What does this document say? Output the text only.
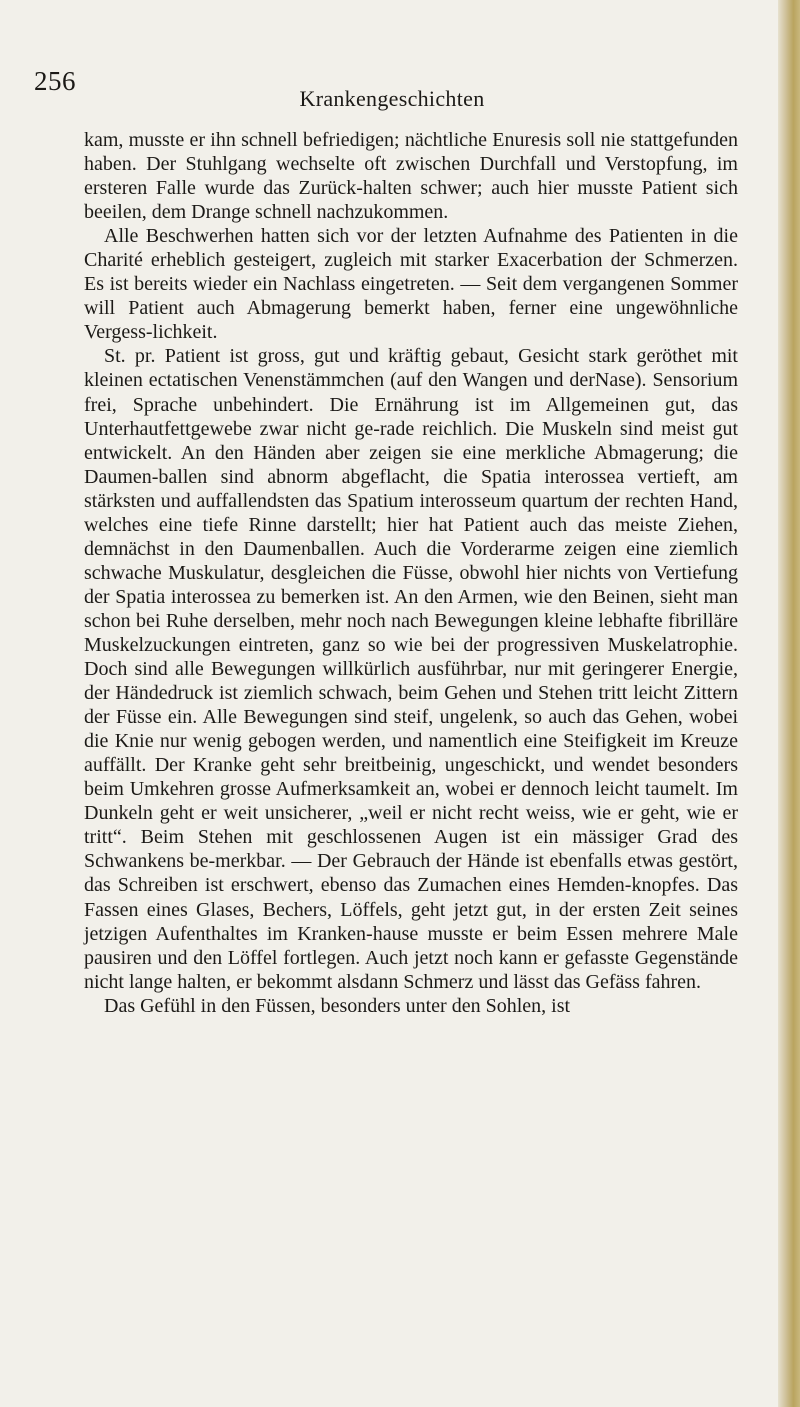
256
Krankengeschichten

kam, musste er ihn schnell befriedigen; nächtliche Enuresis soll nie stattgefunden haben. Der Stuhlgang wechselte oft zwischen Durchfall und Verstopfung, im ersteren Falle wurde das Zurück-halten schwer; auch hier musste Patient sich beeilen, dem Drange schnell nachzukommen.

Alle Beschwerhen hatten sich vor der letzten Aufnahme des Patienten in die Charité erheblich gesteigert, zugleich mit starker Exacerbation der Schmerzen. Es ist bereits wieder ein Nachlass eingetreten. — Seit dem vergangenen Sommer will Patient auch Abmagerung bemerkt haben, ferner eine ungewöhnliche Vergess-lichkeit.

St. pr. Patient ist gross, gut und kräftig gebaut, Gesicht stark geröthet mit kleinen ectatischen Venenstämmchen (auf den Wangen und derNase). Sensorium frei, Sprache unbehindert. Die Ernährung ist im Allgemeinen gut, das Unterhautfettgewebe zwar nicht ge-rade reichlich. Die Muskeln sind meist gut entwickelt. An den Händen aber zeigen sie eine merkliche Abmagerung; die Daumen-ballen sind abnorm abgeflacht, die Spatia interossea vertieft, am stärksten und auffallendsten das Spatium interosseum quartum der rechten Hand, welches eine tiefe Rinne darstellt; hier hat Patient auch das meiste Ziehen, demnächst in den Daumenballen. Auch die Vorderarme zeigen eine ziemlich schwache Muskulatur, desgleichen die Füsse, obwohl hier nichts von Vertiefung der Spatia interossea zu bemerken ist. An den Armen, wie den Beinen, sieht man schon bei Ruhe derselben, mehr noch nach Bewegungen kleine lebhafte fibrilläre Muskelzuckungen eintreten, ganz so wie bei der progressiven Muskelatrophie. Doch sind alle Bewegungen willkürlich ausführbar, nur mit geringerer Energie, der Händedruck ist ziemlich schwach, beim Gehen und Stehen tritt leicht Zittern der Füsse ein. Alle Bewegungen sind steif, ungelenk, so auch das Gehen, wobei die Knie nur wenig gebogen werden, und namentlich eine Steifigkeit im Kreuze auffällt. Der Kranke geht sehr breitbeinig, ungeschickt, und wendet besonders beim Umkehren grosse Aufmerksamkeit an, wobei er dennoch leicht taumelt. Im Dunkeln geht er weit unsicherer, „weil er nicht recht weiss, wie er geht, wie er tritt“. Beim Stehen mit geschlossenen Augen ist ein mässiger Grad des Schwankens be-merkbar. — Der Gebrauch der Hände ist ebenfalls etwas gestört, das Schreiben ist erschwert, ebenso das Zumachen eines Hemden-knopfes. Das Fassen eines Glases, Bechers, Löffels, geht jetzt gut, in der ersten Zeit seines jetzigen Aufenthaltes im Kranken-hause musste er beim Essen mehrere Male pausiren und den Löffel fortlegen. Auch jetzt noch kann er gefasste Gegenstände nicht lange halten, er bekommt alsdann Schmerz und lässt das Gefäss fahren.

Das Gefühl in den Füssen, besonders unter den Sohlen, ist
